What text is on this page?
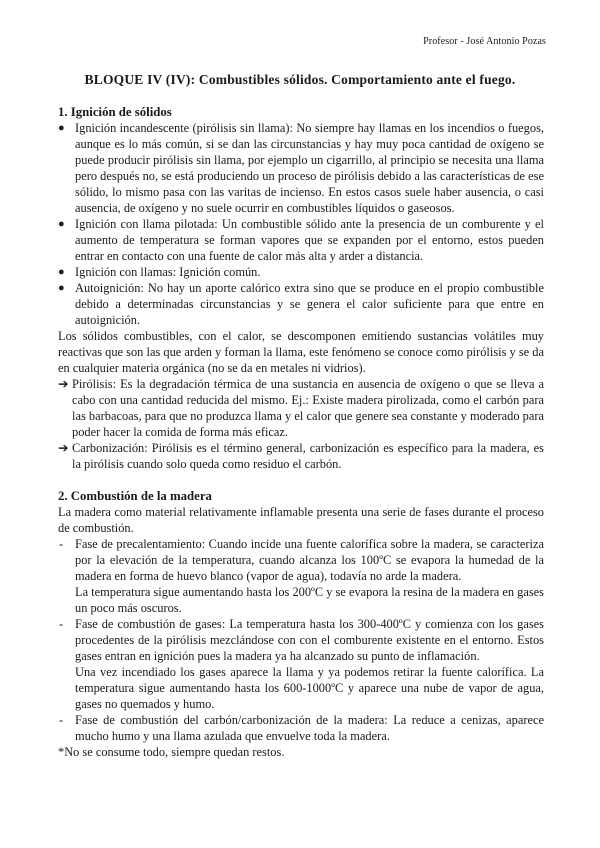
Profesor - José Antonio Pozas
BLOQUE IV (IV): Combustibles sólidos. Comportamiento ante el fuego.

1. Ignición de sólidos

● Ignición incandescente (pirólisis sin llama): No siempre hay llamas en los incendios o fuegos, aunque es lo más común, si se dan las circunstancias y hay muy poca cantidad de oxígeno se puede producir pirólisis sin llama, por ejemplo un cigarrillo, al principio se necesita una llama pero después no, se está produciendo un proceso de pirólisis debido a las características de ese sólido, lo mismo pasa con las varitas de incienso. En estos casos suele haber ausencia, o casi ausencia, de oxígeno y no suele ocurrir en combustibles líquidos o gaseosos.
● Ignición con llama pilotada: Un combustible sólido ante la presencia de un comburente y el aumento de temperatura se forman vapores que se expanden por el entorno, estos pueden entrar en contacto con una fuente de calor más alta y arder a distancia.
● Ignición con llamas: Ignición común.
● Autoignición: No hay un aporte calórico extra sino que se produce en el propio combustible debido a determinadas circunstancias y se genera el calor suficiente para que entre en autoignición.

Los sólidos combustibles, con el calor, se descomponen emitiendo sustancias volátiles muy reactivas que son las que arden y forman la llama, este fenómeno se conoce como pirólisis y se da en cualquier materia orgánica (no se da en metales ni vidrios).

➔ Pirólisis: Es la degradación térmica de una sustancia en ausencia de oxígeno o que se lleva a cabo con una cantidad reducida del mismo. Ej.: Existe madera pirolizada, como el carbón para las barbacoas, para que no produzca llama y el calor que genere sea constante y moderado para poder hacer la comida de forma más eficaz.
➔ Carbonización: Pirólisis es el término general, carbonización es específico para la madera, es la pirólisis cuando solo queda como residuo el carbón.

2. Combustión de la madera

La madera como material relativamente inflamable presenta una serie de fases durante el proceso de combustión.

- Fase de precalentamiento: Cuando incide una fuente calorífica sobre la madera, se caracteriza por la elevación de la temperatura, cuando alcanza los 100ºC se evapora la humedad de la madera en forma de huevo blanco (vapor de agua), todavía no arde la madera.

La temperatura sigue aumentando hasta los 200ºC y se evapora la resina de la madera en gases un poco más oscuros.

- Fase de combustión de gases: La temperatura hasta los 300-400ºC y comienza con los gases procedentes de la pirólisis mezclándose con con el comburente existente en el entorno. Estos gases entran en ignición pues la madera ya ha alcanzado su punto de inflamación.

Una vez incendiado los gases aparece la llama y ya podemos retirar la fuente calorífica. La temperatura sigue aumentando hasta los 600-1000ºC y aparece una nube de vapor de agua, gases no quemados y humo.

- Fase de combustión del carbón/carbonización de la madera: La reduce a cenizas, aparece mucho humo y una llama azulada que envuelve toda la madera.

*No se consume todo, siempre quedan restos.
